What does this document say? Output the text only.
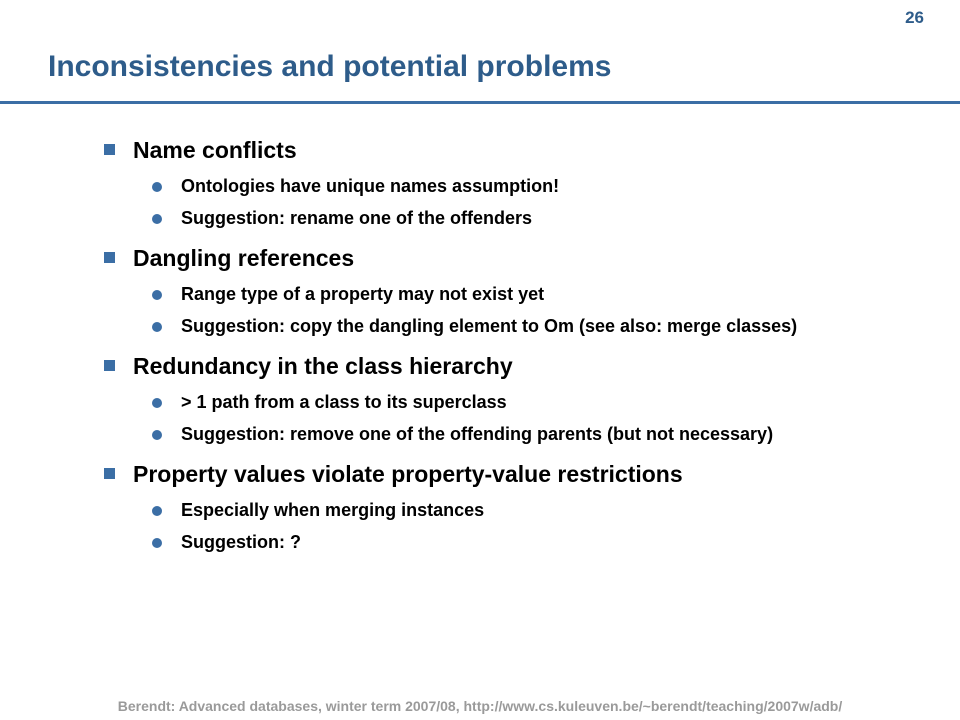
26
Inconsistencies and potential problems
Name conflicts
Ontologies have unique names assumption!
Suggestion: rename one of the offenders
Dangling references
Range type of a property may not exist yet
Suggestion: copy the dangling element to Om (see also: merge classes)
Redundancy in the class hierarchy
> 1 path from a class to its superclass
Suggestion: remove one of the offending parents (but not necessary)
Property values violate property-value restrictions
Especially when merging instances
Suggestion: ?
Berendt: Advanced databases, winter term 2007/08, http://www.cs.kuleuven.be/~berendt/teaching/2007w/adb/
